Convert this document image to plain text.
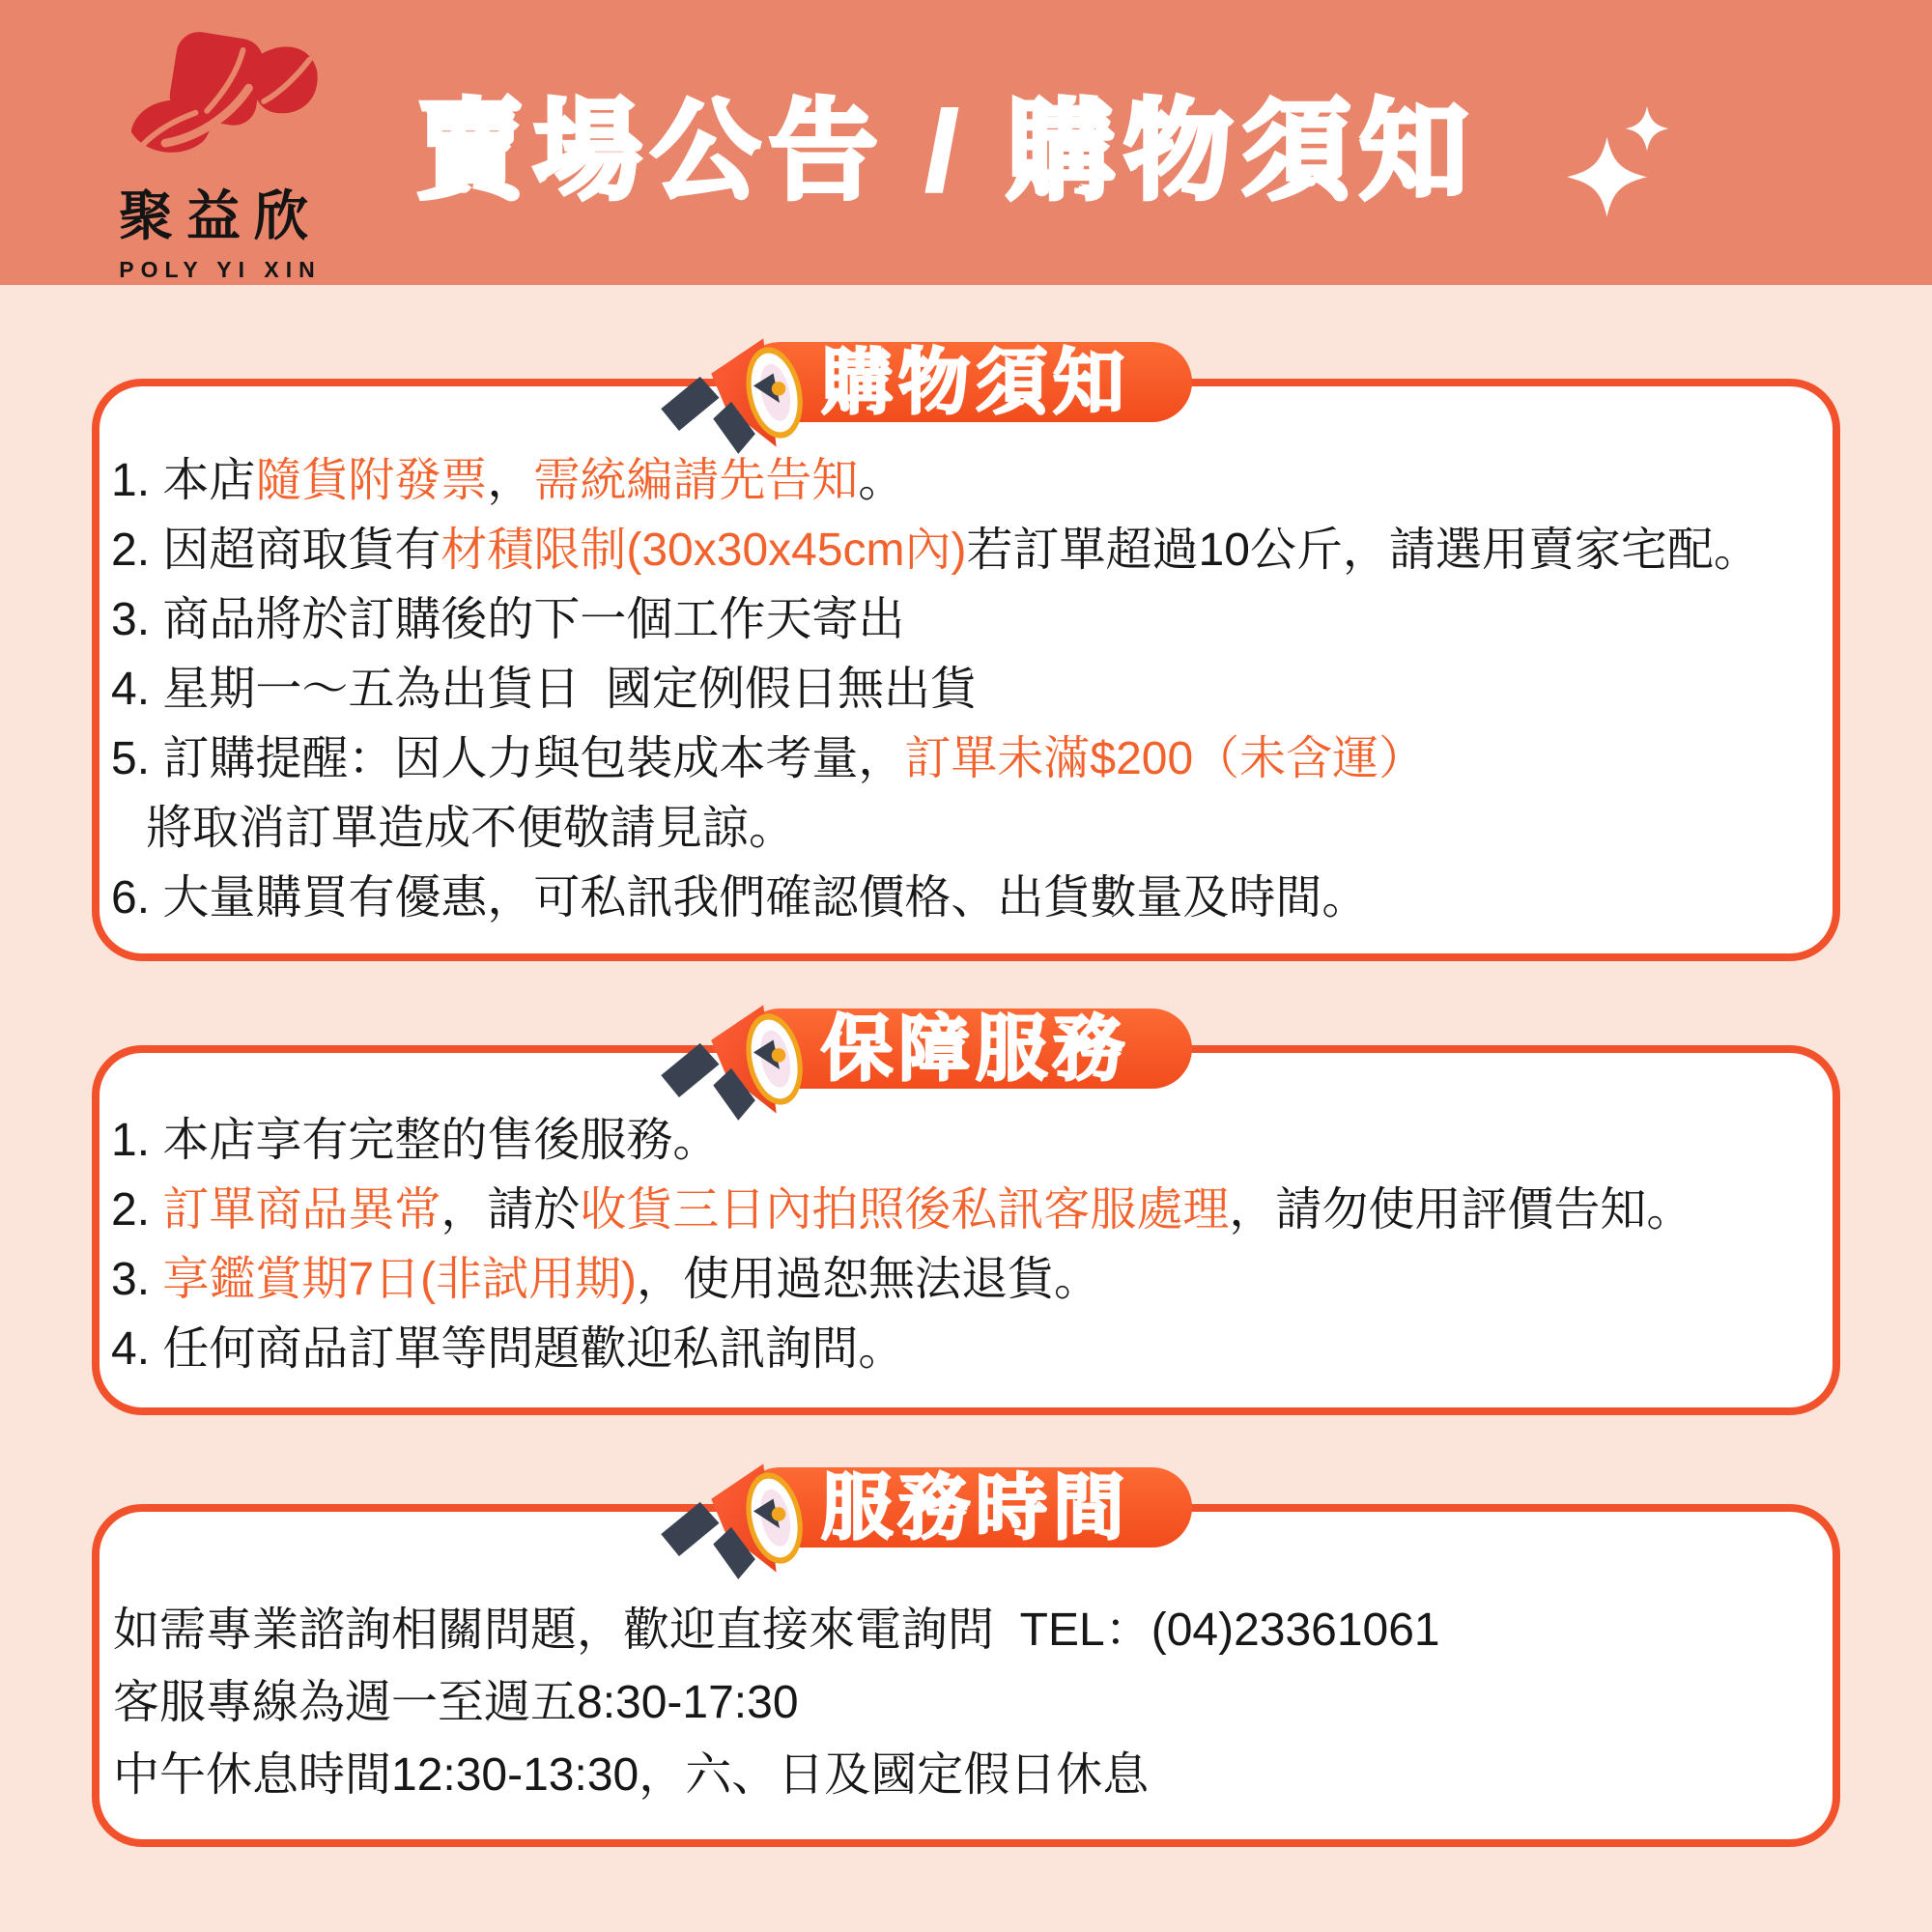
聚益欣
POLY YI XIN
賣場公告 / 購物須知
購物須知
1. 本店隨貨附發票，需統編請先告知。
2. 因超商取貨有材積限制(30x30x45cm內)若訂單超過10公斤，請選用賣家宅配。
3. 商品將於訂購後的下一個工作天寄出
4. 星期一～五為出貨日  國定例假日無出貨
5. 訂購提醒：因人力與包裝成本考量，訂單未滿$200（未含運）
將取消訂單造成不便敬請見諒。
6. 大量購買有優惠，可私訊我們確認價格、出貨數量及時間。
保障服務
1. 本店享有完整的售後服務。
2. 訂單商品異常，請於收貨三日內拍照後私訊客服處理，請勿使用評價告知。
3. 享鑑賞期7日(非試用期)，使用過恕無法退貨。
4. 任何商品訂單等問題歡迎私訊詢問。
服務時間
如需專業諮詢相關問題，歡迎直接來電詢問  TEL：(04)23361061
客服專線為週一至週五8:30-17:30
中午休息時間12:30-13:30，六、日及國定假日休息
